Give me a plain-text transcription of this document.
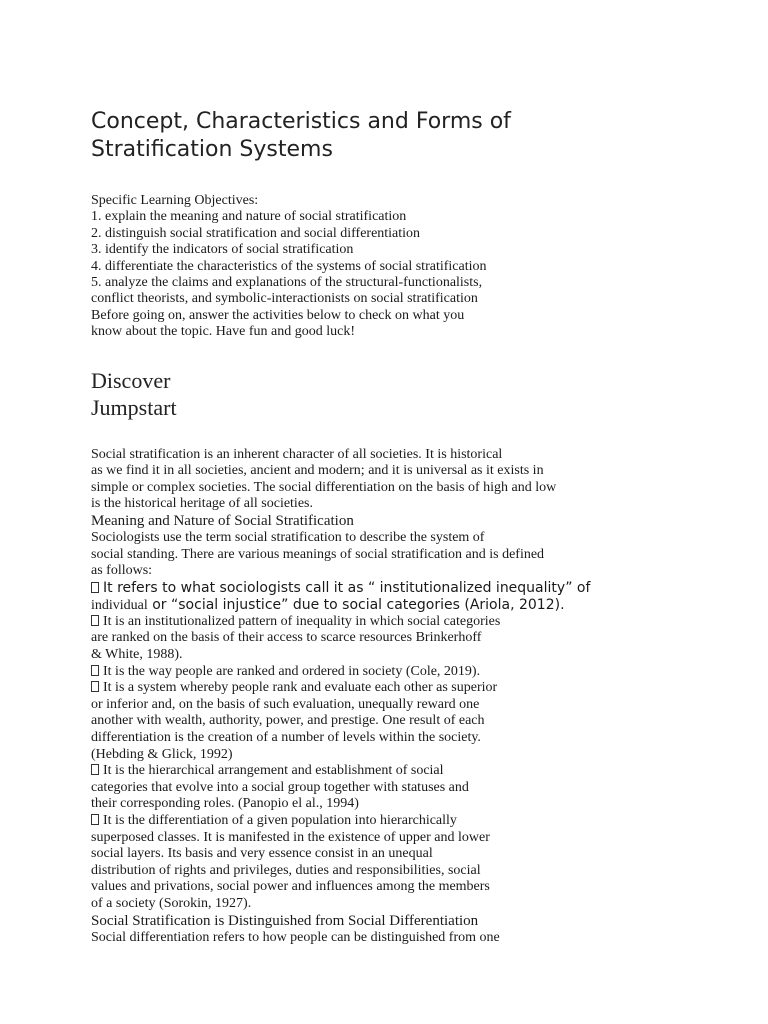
Concept, Characteristics and Forms of
Stratification Systems
Specific Learning Objectives:
1. explain the meaning and nature of social stratification
2. distinguish social stratification and social differentiation
3. identify the indicators of social stratification
4. differentiate the characteristics of the systems of social stratification
5. analyze the claims and explanations of the structural-functionalists,
conflict theorists, and symbolic-interactionists on social stratification
Before going on, answer the activities below to check on what you
know about the topic. Have fun and good luck!
Discover
Jumpstart
Social stratification is an inherent character of all societies. It is historical
as we find it in all societies, ancient and modern; and it is universal as it exists in
simple or complex societies. The social differentiation on the basis of high and low
is the historical heritage of all societies.
Meaning and Nature of Social Stratification
Sociologists use the term social stratification to describe the system of
social standing. There are various meanings of social stratification and is defined
as follows:
It refers to what sociologists call it as “ institutionalized inequality” of
individual or “social injustice” due to social categories (Ariola, 2012).
It is an institutionalized pattern of inequality in which social categories
are ranked on the basis of their access to scarce resources Brinkerhoff
& White, 1988).
It is the way people are ranked and ordered in society (Cole, 2019).
It is a system whereby people rank and evaluate each other as superior
or inferior and, on the basis of such evaluation, unequally reward one
another with wealth, authority, power, and prestige. One result of each
differentiation is the creation of a number of levels within the society.
(Hebding & Glick, 1992)
It is the hierarchical arrangement and establishment of social
categories that evolve into a social group together with statuses and
their corresponding roles. (Panopio el al., 1994)
It is the differentiation of a given population into hierarchically
superposed classes. It is manifested in the existence of upper and lower
social layers. Its basis and very essence consist in an unequal
distribution of rights and privileges, duties and responsibilities, social
values and privations, social power and influences among the members
of a society (Sorokin, 1927).
Social Stratification is Distinguished from Social Differentiation
Social differentiation refers to how people can be distinguished from one
